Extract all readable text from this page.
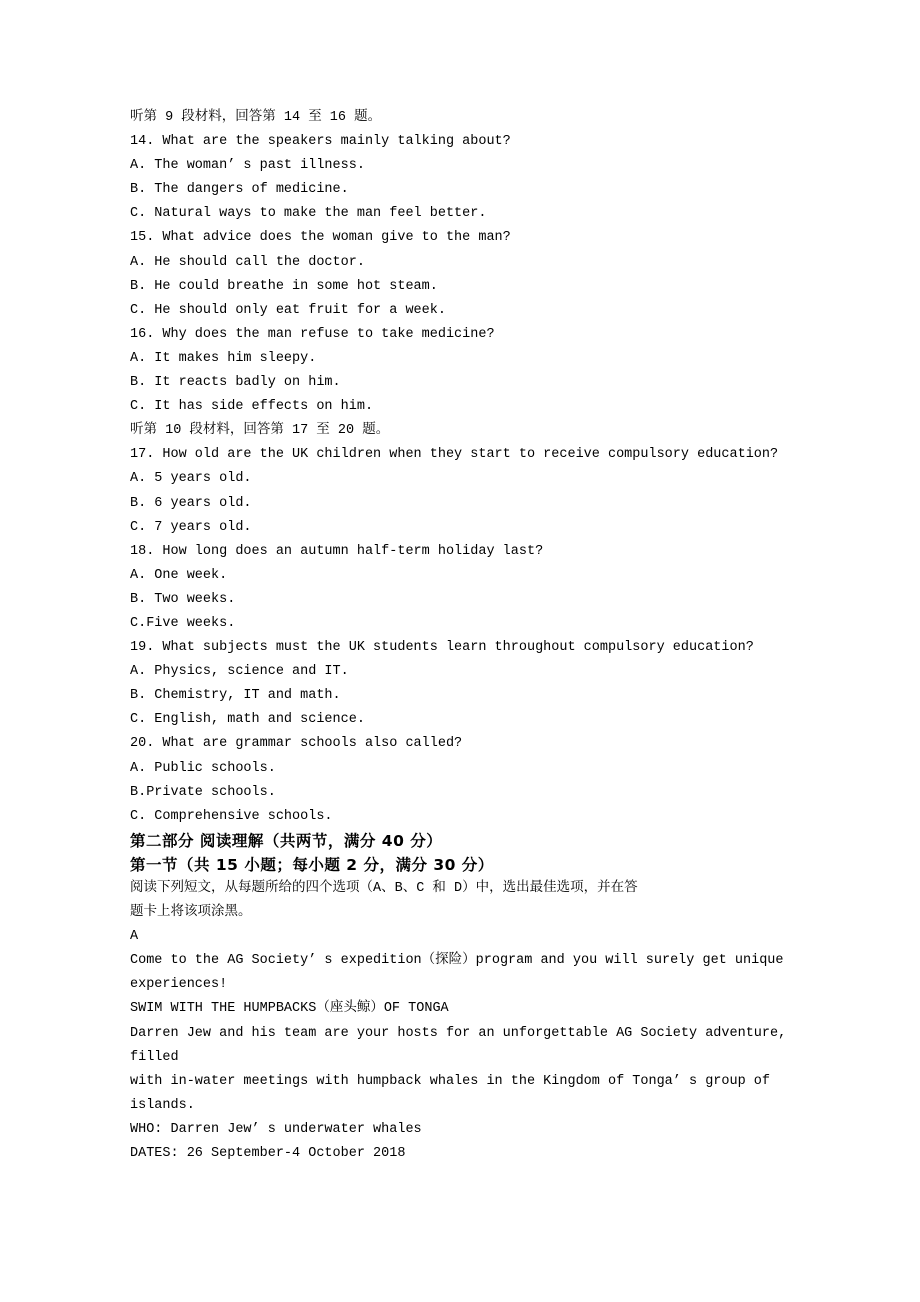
听第 9 段材料，回答第 14 至 16 题。
14. What are the speakers mainly talking about?
A. The woman’ s past illness.
B. The dangers of medicine.
C. Natural ways to make the man feel better.
15. What advice does the woman give to the man?
A. He should call the doctor.
B. He could breathe in some hot steam.
C. He should only eat fruit for a week.
16. Why does the man refuse to take medicine?
A. It makes him sleepy.
B. It reacts badly on him.
C. It has side effects on him.
听第 10 段材料，回答第 17 至 20 题。
17. How old are the UK children when they start to receive compulsory education?
A. 5 years old.
B. 6 years old.
C. 7 years old.
18. How long does an autumn half-term holiday last?
A. One week.
B. Two weeks.
C.Five weeks.
19. What subjects must the UK students learn throughout compulsory education?
A. Physics, science and IT.
B. Chemistry, IT and math.
C. English, math and science.
20. What are grammar schools also called?
A. Public schools.
B.Private schools.
C. Comprehensive schools.
第二部分 阅读理解（共两节，满分 40 分）
第一节（共 15 小题；每小题 2 分，满分 30 分）
阅读下列短文，从每题所给的四个选项（A、B、C 和 D）中，选出最佳选项，并在答
题卡上将该项涂黑。
A
Come to the AG Society’ s expedition（探险）program and you will surely get unique
experiences!
SWIM WITH THE HUMPBACKS（座头鲸）OF TONGA
Darren Jew and his team are your hosts for an unforgettable AG Society adventure,
filled
with in-water meetings with humpback whales in the Kingdom of Tonga’ s group of
islands.
WHO: Darren Jew’ s underwater whales
DATES: 26 September-4 October 2018
